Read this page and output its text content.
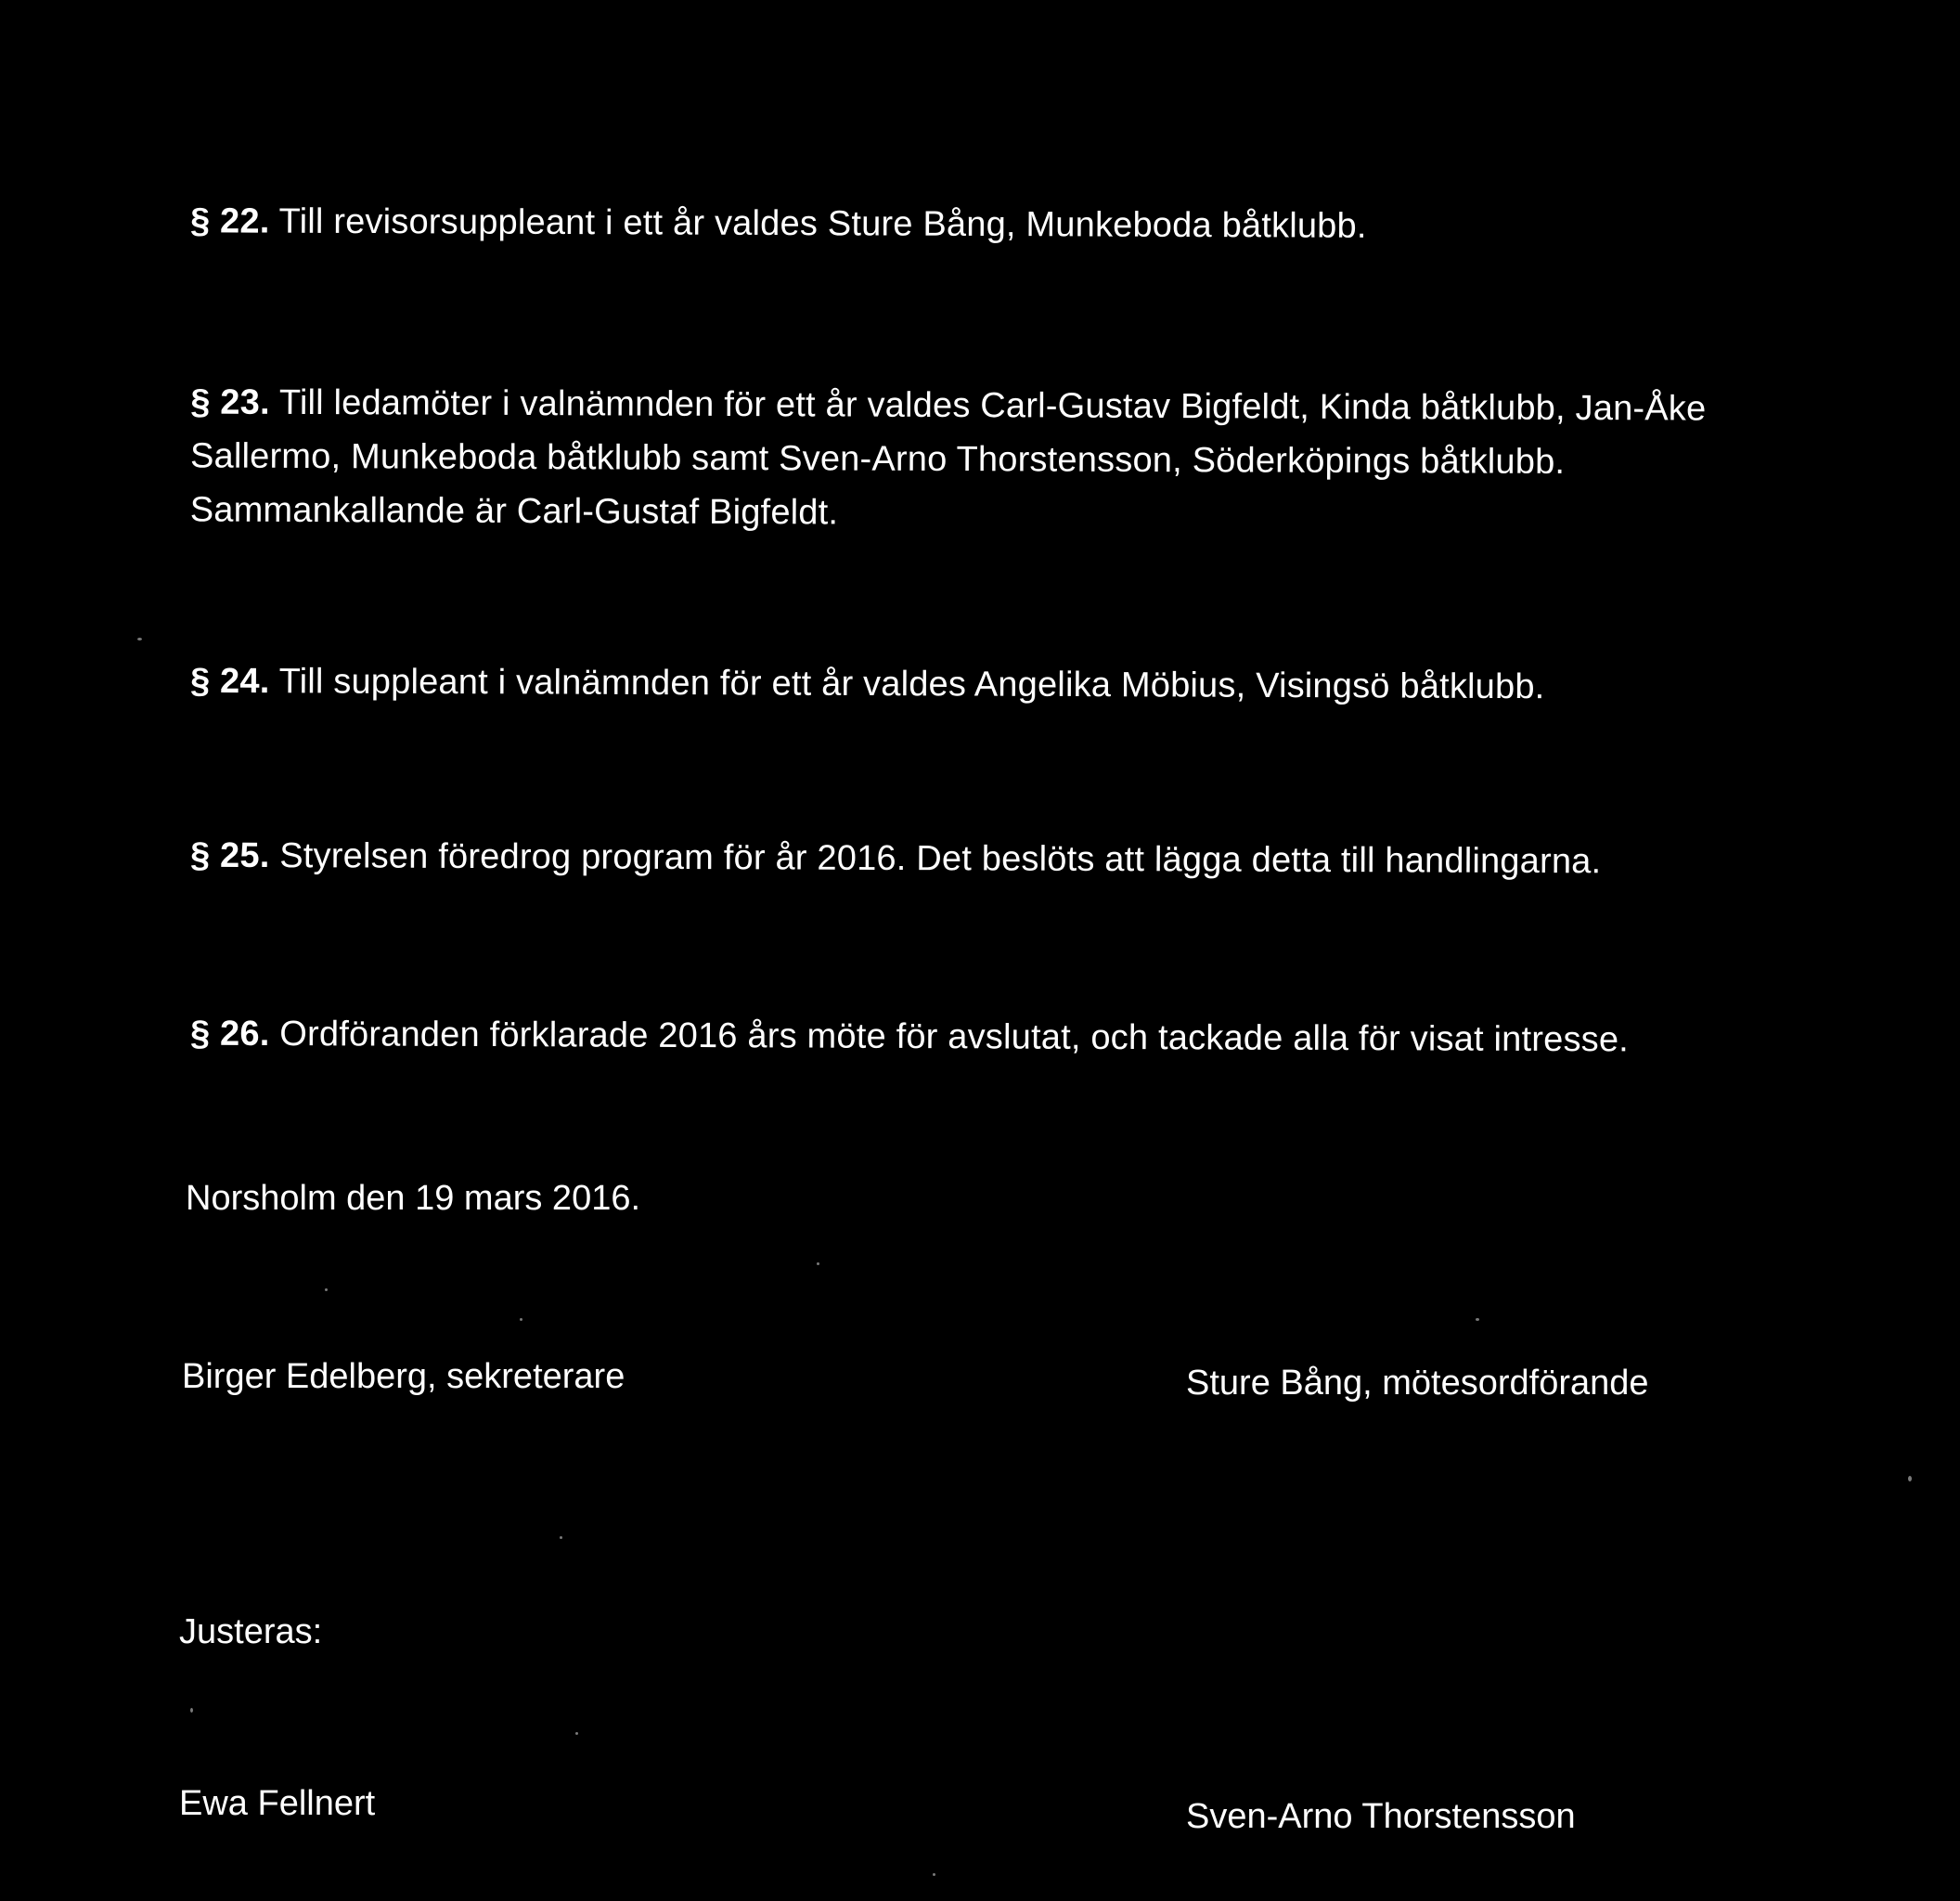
§ 22. Till revisorsuppleant i ett år valdes Sture Bång, Munkeboda båtklubb.
§ 23. Till ledamöter i valnämnden för ett år valdes Carl-Gustav Bigfeldt, Kinda båtklubb, Jan-Åke
Sallermo, Munkeboda båtklubb samt Sven-Arno Thorstensson, Söderköpings båtklubb.
Sammankallande är Carl-Gustaf Bigfeldt.
§ 24. Till suppleant i valnämnden för ett år valdes Angelika Möbius, Visingsö båtklubb.
§ 25. Styrelsen föredrog program för år 2016. Det beslöts att lägga detta till handlingarna.
§ 26. Ordföranden förklarade 2016 års möte för avslutat, och tackade alla för visat intresse.
Norsholm den 19 mars 2016.
Birger Edelberg, sekreterare	Sture Bång, mötesordförande
Justeras:
Ewa Fellnert	Sven-Arno Thorstensson
